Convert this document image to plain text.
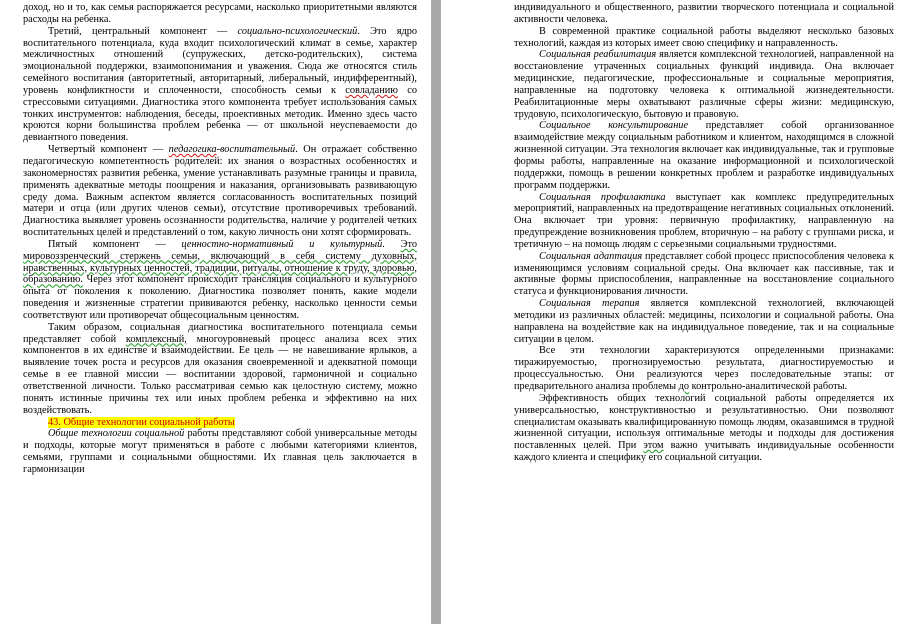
доход, но и то, как семья распоряжается ресурсами, насколько приоритетными являются расходы на ребенка.

Третий, центральный компонент — социально-психологический. Это ядро воспитательного потенциала, куда входит психологический климат в семье, характер межличностных отношений (супружеских, детско-родительских), система эмоциональной поддержки, взаимопонимания и уважения. Сюда же относятся стиль семейного воспитания (авторитетный, авторитарный, либеральный, индифферентный), уровень конфликтности и сплоченности, способность семьи к совладанию со стрессовыми ситуациями. Диагностика этого компонента требует использования самых тонких инструментов: наблюдения, беседы, проективных методик. Именно здесь часто кроются корни большинства проблем ребенка — от школьной неуспеваемости до девиантного поведения.

Четвертый компонент — педагогика-воспитательный. Он отражает собственно педагогическую компетентность родителей: их знания о возрастных особенностях и закономерностях развития ребенка, умение устанавливать разумные границы и правила, применять адекватные методы поощрения и наказания, организовывать развивающую среду дома. Важным аспектом является согласованность воспитательных позиций матери и отца (или других членов семьи), отсутствие противоречивых требований. Диагностика выявляет уровень осознанности родительства, наличие у родителей четких воспитательных целей и представлений о том, какую личность они хотят сформировать.

Пятый компонент — ценностно-нормативный и культурный. Это мировоззренческий стержень семьи, включающий в себя систему духовных, нравственных, культурных ценностей, традиции, ритуалы, отношение к труду, здоровью, образованию. Через этот компонент происходит трансляция социального и культурного опыта от поколения к поколению. Диагностика позволяет понять, какие модели поведения и жизненные стратегии прививаются ребенку, насколько ценности семьи соответствуют или противоречат общесоциальным ценностям.

Таким образом, социальная диагностика воспитательного потенциала семьи представляет собой комплексный, многоуровневый процесс анализа всех этих компонентов в их единстве и взаимодействии. Ее цель — не навешивание ярлыков, а выявление точек роста и ресурсов для оказания своевременной и адекватной помощи семье в ее главной миссии — воспитании здоровой, гармоничной и социально ответственной личности. Только рассматривая семью как целостную систему, можно понять истинные причины тех или иных проблем ребенка и эффективно на них воздействовать.

43. Общие технологии социальной работы

Общие технологии социальной работы представляют собой универсальные методы и подходы, которые могут применяться в работе с любыми категориями клиентов, семьями, группами и социальными общностями. Их главная цель заключается в гармонизации

индивидуального и общественного, развитии творческого потенциала и социальной активности человека.

В современной практике социальной работы выделяют несколько базовых технологий, каждая из которых имеет свою специфику и направленность.

Социальная реабилитация является комплексной технологией, направленной на восстановление утраченных социальных функций индивида. Она включает медицинские, педагогические, профессиональные и социальные мероприятия, направленные на подготовку человека к оптимальной жизнедеятельности. Реабилитационные меры охватывают различные сферы жизни: медицинскую, трудовую, психологическую, бытовую и правовую.

Социальное консультирование представляет собой организованное взаимодействие между социальным работником и клиентом, находящимся в сложной жизненной ситуации. Эта технология включает как индивидуальные, так и групповые формы работы, направленные на оказание информационной и психологической поддержки, помощь в решении конкретных проблем и разработке индивидуальных программ поддержки.

Социальная профилактика выступает как комплекс предупредительных мероприятий, направленных на предотвращение негативных социальных отклонений. Она включает три уровня: первичную профилактику, направленную на предупреждение возникновения проблем, вторичную – на работу с группами риска, и третичную – на помощь людям с серьезными социальными трудностями.

Социальная адаптация представляет собой процесс приспособления человека к изменяющимся условиям социальной среды. Она включает как пассивные, так и активные формы приспособления, направленные на восстановление социального статуса и функционирования личности.

Социальная терапия является комплексной технологией, включающей методики из различных областей: медицины, психологии и социальной работы. Она направлена на воздействие как на индивидуальное поведение, так и на социальные ситуации в целом.

Все эти технологии характеризуются определенными признаками: тиражируемостью, прогнозируемостью результата, диагностируемостью и процессуальностью. Они реализуются через последовательные этапы: от предварительного анализа проблемы до контрольно-аналитической работы.

Эффективность общих технологий социальной работы определяется их универсальностью, конструктивностью и результативностью. Они позволяют специалистам оказывать квалифицированную помощь людям, оказавшимся в трудной жизненной ситуации, используя оптимальные методы и подходы для достижения поставленных целей. При этом важно учитывать индивидуальные особенности каждого клиента и специфику его социальной ситуации.
